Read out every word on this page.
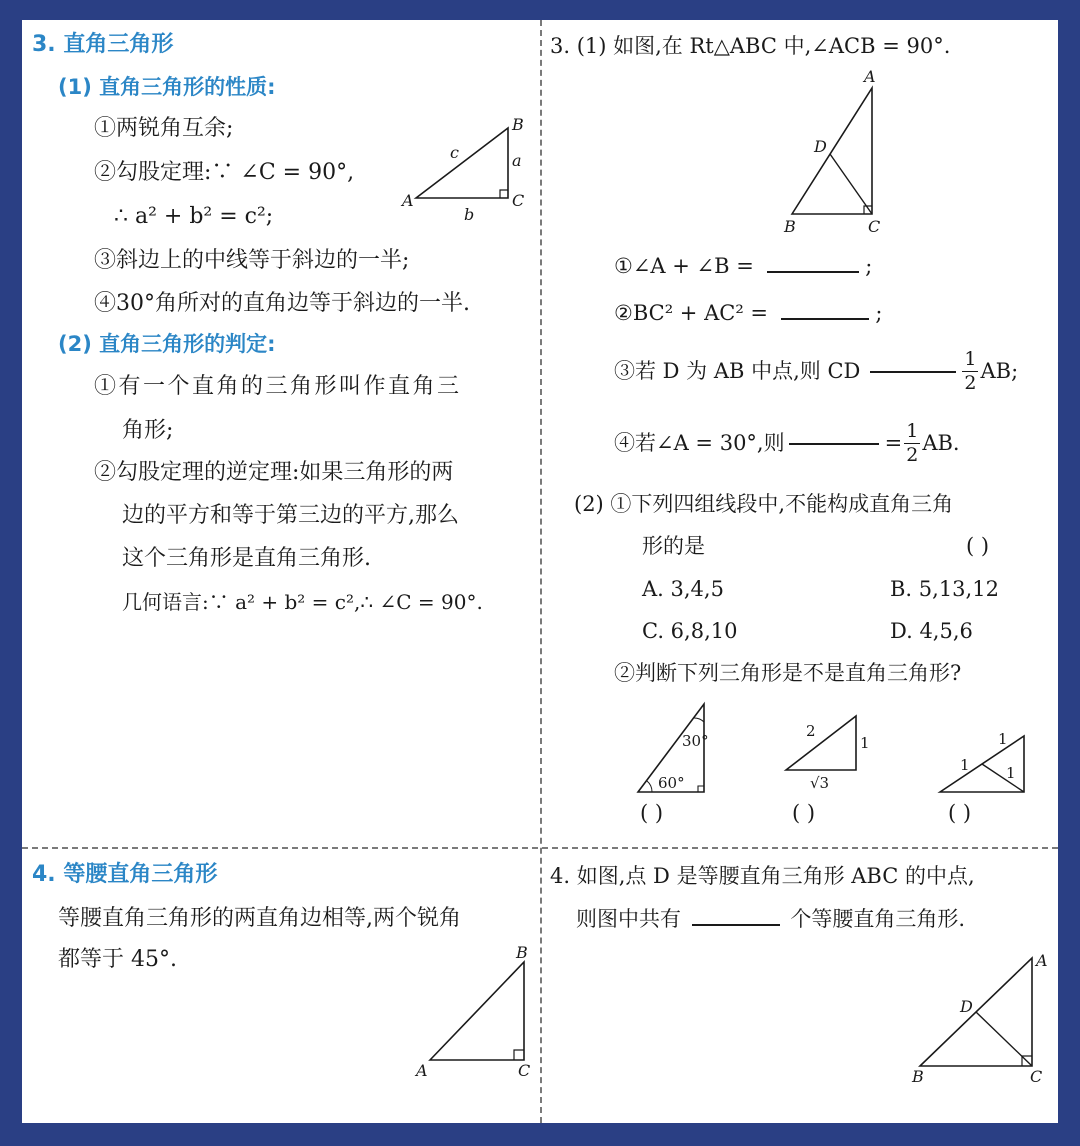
3. 直角三角形
(1) 直角三角形的性质:
①两锐角互余;
②勾股定理:∵ ∠C = 90°,
∴ a² + b² = c²;
③斜边上的中线等于斜边的一半;
④30°角所对的直角边等于斜边的一半.
A
B
C
a
b
c
(2) 直角三角形的判定:
①有一个直角的三角形叫作直角三
角形;
②勾股定理的逆定理:如果三角形的两
边的平方和等于第三边的平方,那么
这个三角形是直角三角形.
几何语言:∵ a² + b² = c²,∴ ∠C = 90°.
3. (1) 如图,在 Rt△ABC 中,∠ACB = 90°.
A
B	C
D
①∠A + ∠B =	;
②BC² + AC² =	;
③若 D 为 AB 中点,则 CD	$\frac{1}{2}$ AB;
④若∠A = 30°,则	= $\frac{1}{2}$ AB.
(2) ①下列四组线段中,不能构成直角三角
形的是	( )
A. 3,4,5	B. 5,13,12
C. 6,8,10	D. 4,5,6
②判断下列三角形是不是直角三角形?
30°
60°
2
1
√3
1
1
1
( )	( )	( )
4. 等腰直角三角形
等腰直角三角形的两直角边相等,两个锐角
都等于 45°.
A
B
C
4. 如图,点 D 是等腰直角三角形 ABC 的中点,
则图中共有	个等腰直角三角形.
A
B	C
D
